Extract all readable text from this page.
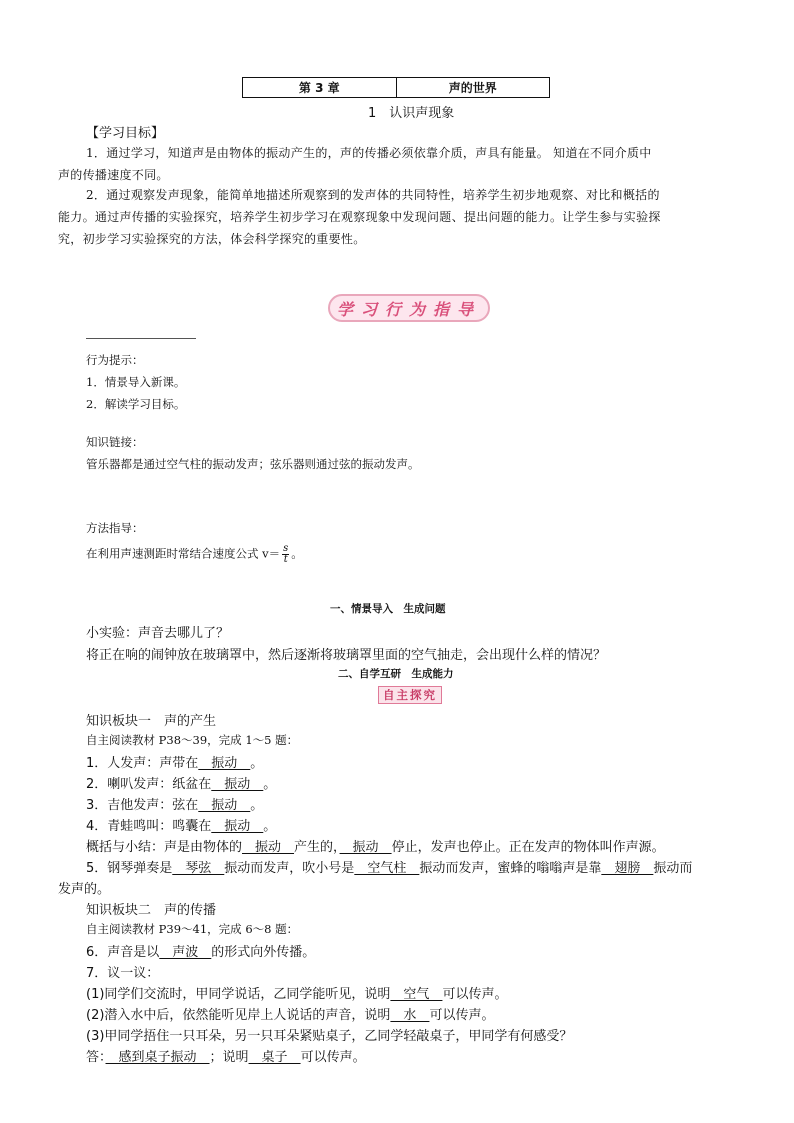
第 3 章	声的世界
1　认识声现象
【学习目标】
1．通过学习，知道声是由物体的振动产生的，声的传播必须依靠介质，声具有能量。 知道在不同介质中
声的传播速度不同。
2．通过观察发声现象，能简单地描述所观察到的发声体的共同特性，培养学生初步地观察、对比和概括的
能力。通过声传播的实验探究，培养学生初步学习在观察现象中发现问题、提出问题的能力。让学生参与实验探
究，初步学习实验探究的方法，体会科学探究的重要性。
学习行为指导
行为提示：
1．情景导入新课。
2．解读学习目标。
知识链接：
管乐器都是通过空气柱的振动发声；弦乐器则通过弦的振动发声。
方法指导：
在利用声速测距时常结合速度公式 $v= \frac{s}{t}$ 。
一、情景导入　生成问题
小实验：声音去哪儿了？
将正在响的闹钟放在玻璃罩中，然后逐渐将玻璃罩里面的空气抽走，会出现什么样的情况？
二、自学互研　生成能力
自主探究
知识板块一　声的产生
自主阅读教材 P38～39，完成 1～5 题：
1．人发声：声带在　振动　。
2．喇叭发声：纸盆在　振动　。
3．吉他发声：弦在　振动　。
4．青蛙鸣叫：鸣囊在　振动　。
概括与小结：声是由物体的　振动　产生的，　振动　停止，发声也停止。正在发声的物体叫作声源。
5．钢琴弹奏是　琴弦　振动而发声，吹小号是　空气柱　振动而发声，蜜蜂的嗡嗡声是靠　翅膀　振动而
发声的。
知识板块二　声的传播
自主阅读教材 P39～41，完成 6～8 题：
6．声音是以　声波　的形式向外传播。
7．议一议：
(1)同学们交流时，甲同学说话，乙同学能听见，说明　空气　可以传声。
(2)潜入水中后，依然能听见岸上人说话的声音，说明　水　可以传声。
(3)甲同学捂住一只耳朵，另一只耳朵紧贴桌子，乙同学轻敲桌子，甲同学有何感受？
答：　感到桌子振动　；说明　桌子　可以传声。
